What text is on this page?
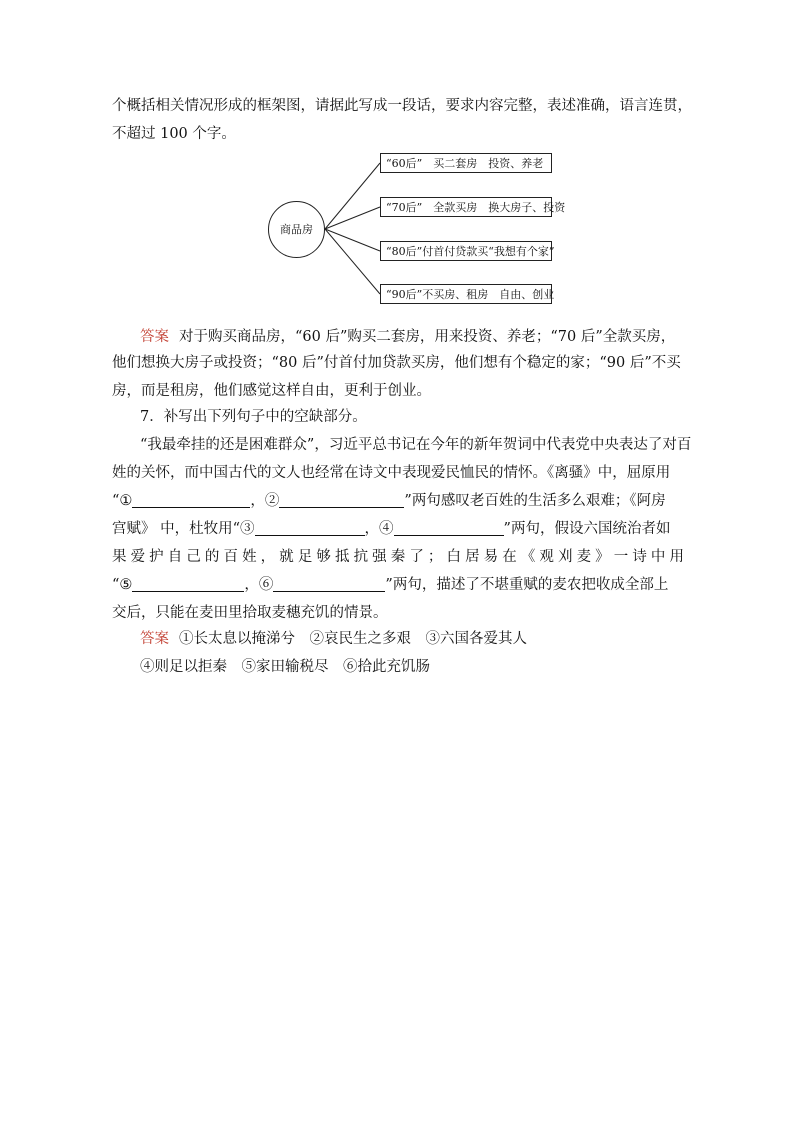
个概括相关情况形成的框架图，请据此写成一段话，要求内容完整，表述准确，语言连贯，
不超过 100 个字。
商品房
“60后”　买二套房　投资、养老
“70后”　全款买房　换大房子、投资
“80后”付首付贷款买“我想有个家”
“90后”不买房、租房　自由、创业
答案 对于购买商品房，“60 后”购买二套房，用来投资、养老；“70 后”全款买房，
他们想换大房子或投资；“80 后”付首付加贷款买房，他们想有个稳定的家；“90 后”不买
房，而是租房，他们感觉这样自由，更利于创业。
7．补写出下列句子中的空缺部分。
“我最牵挂的还是困难群众”，习近平总书记在今年的新年贺词中代表党中央表达了对百
姓的关怀，而中国古代的文人也经常在诗文中表现爱民恤民的情怀。《离骚》中，屈原用
“①	，②	”两句感叹老百姓的生活多么艰难；《阿房
宫赋》 中，杜牧用“③	，④	”两句，假设六国统治者如
果爱护自己的百姓，就足够抵抗强秦了；白居易在《观刈麦》一诗中用
“⑤	，⑥	”两句，描述了不堪重赋的麦农把收成全部上
交后，只能在麦田里拾取麦穗充饥的情景。
答案 ①长太息以掩涕兮　②哀民生之多艰　③六国各爱其人
④则足以拒秦　⑤家田输税尽　⑥拾此充饥肠
